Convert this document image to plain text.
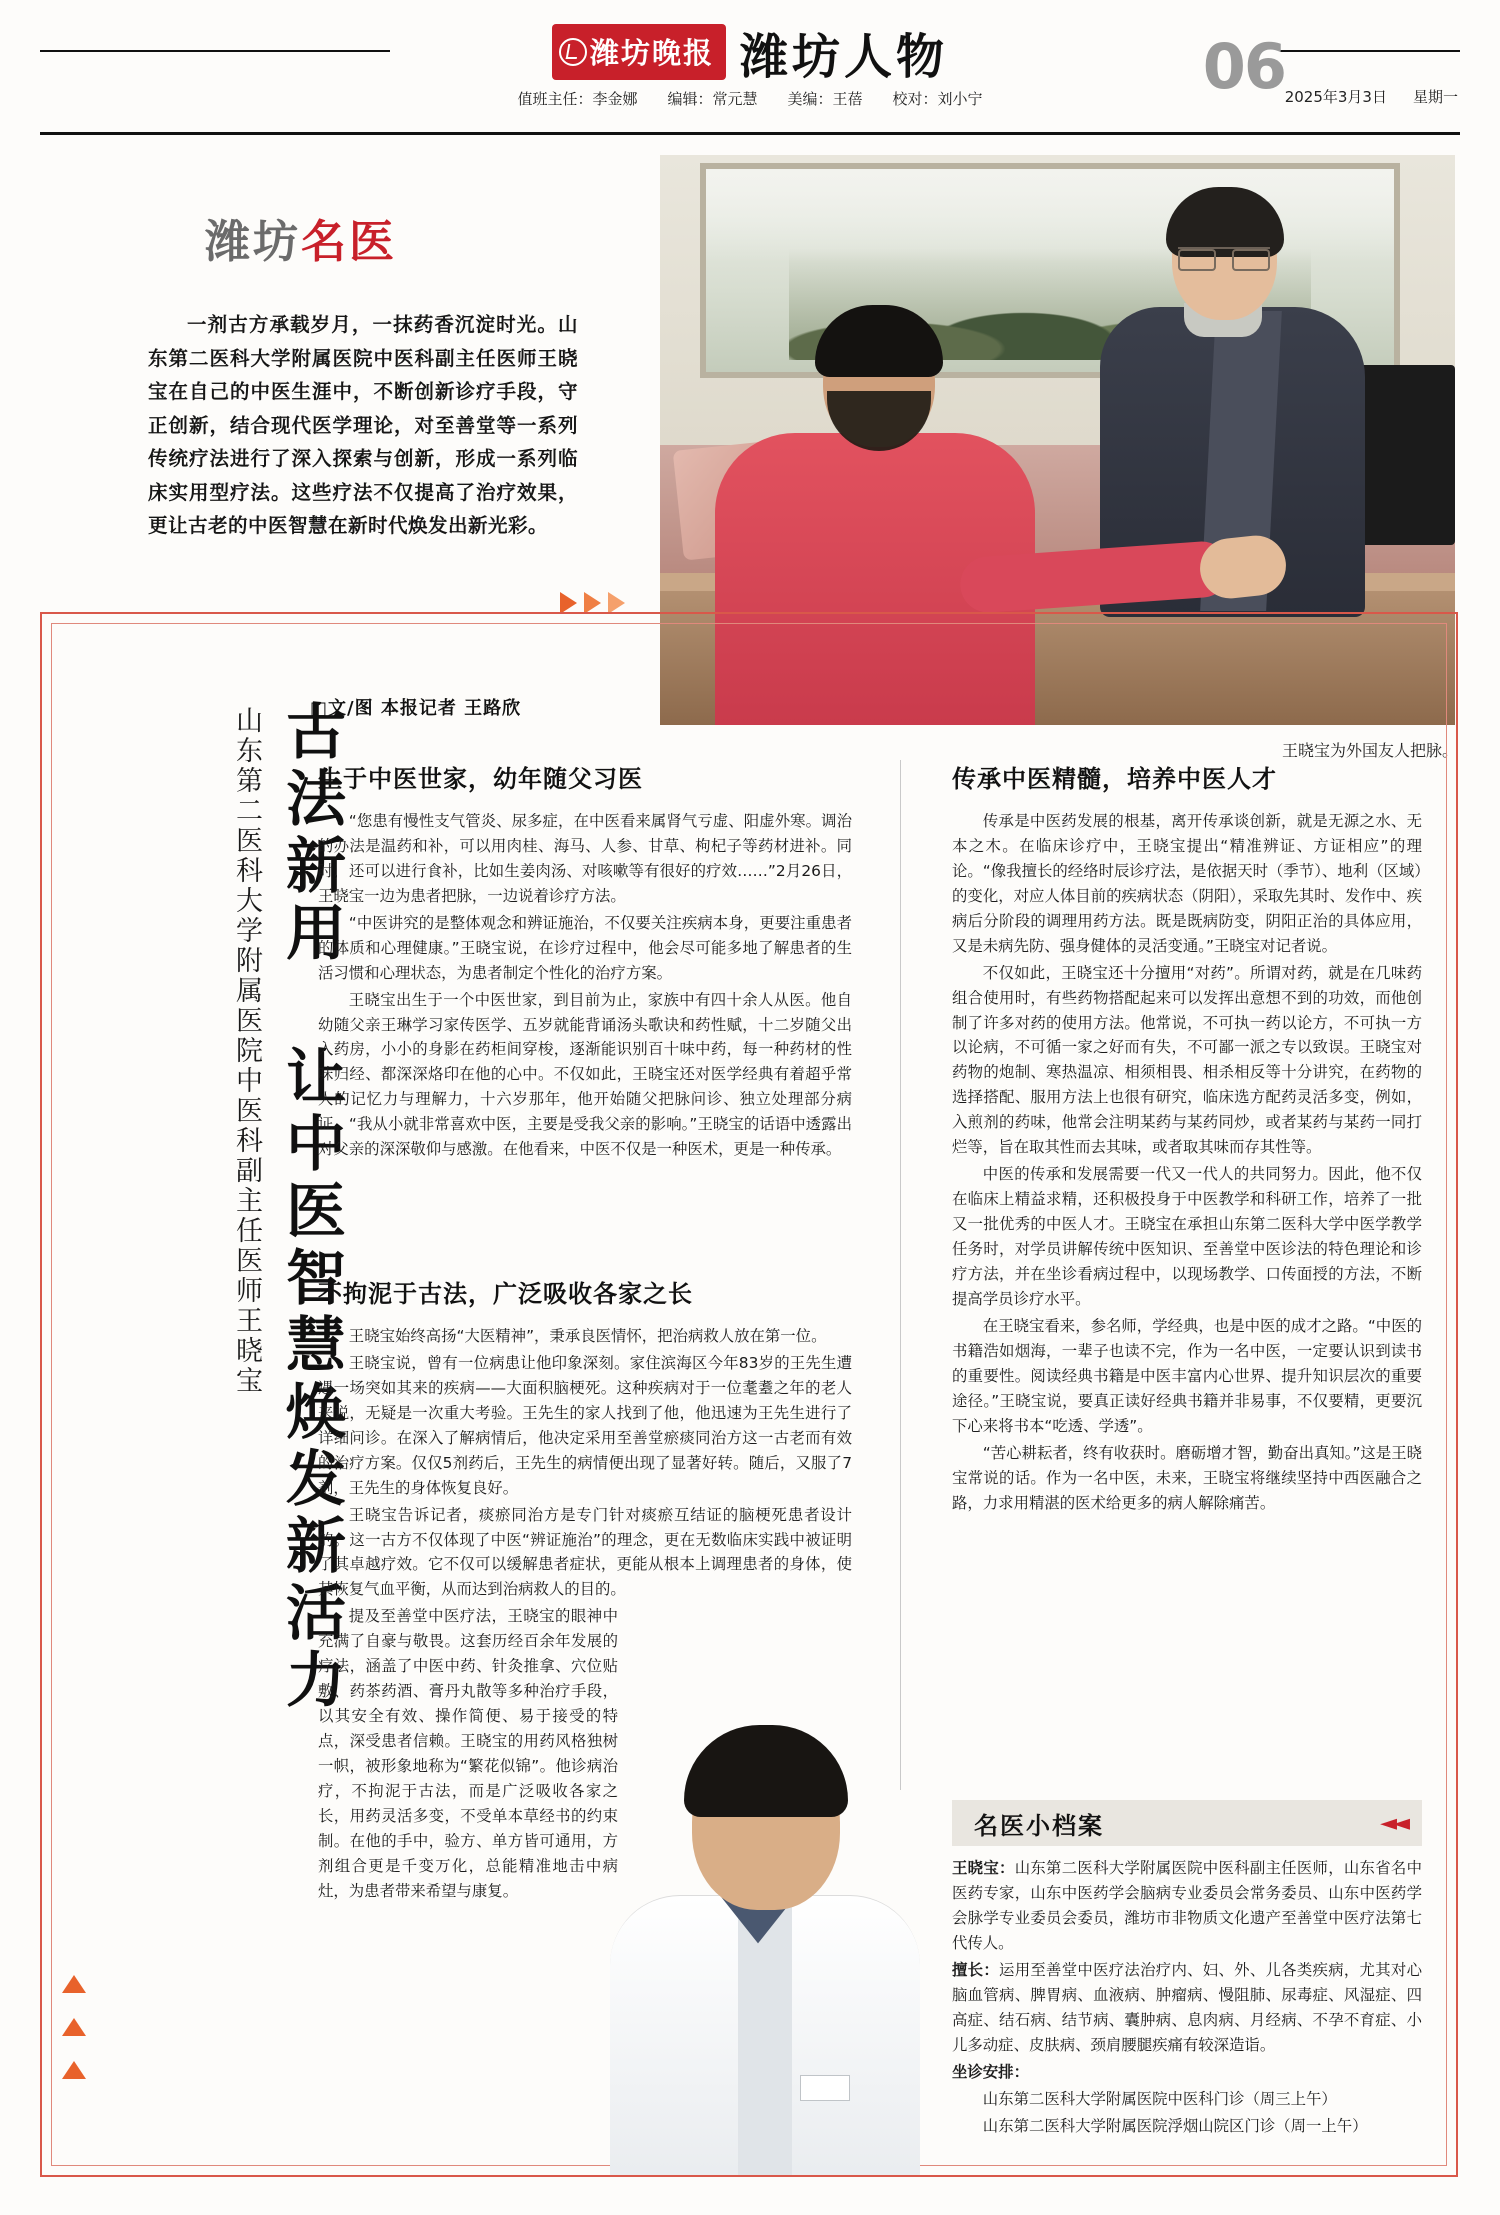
潍坊晚报 潍坊人物	06
值班主任：李金娜 编辑：常元慧 美编：王蓓 校对：刘小宁	2025年3月3日 星期一
潍坊名医
一剂古方承载岁月，一抹药香沉淀时光。山东第二医科大学附属医院中医科副主任医师王晓宝在自己的中医生涯中，不断创新诊疗手段，守正创新，结合现代医学理论，对至善堂等一系列传统疗法进行了深入探索与创新，形成一系列临床实用型疗法。这些疗法不仅提高了治疗效果，更让古老的中医智慧在新时代焕发出新光彩。
王晓宝为外国友人把脉。
古法新用 让中医智慧焕发新活力
山东第二医科大学附属医院中医科副主任医师王晓宝	□文/图 本报记者 王路欣
生于中医世家，幼年随父习医

“您患有慢性支气管炎、尿多症，在中医看来属肾气亏虚、阳虚外寒。调治的办法是温药和补，可以用肉桂、海马、人参、甘草、枸杞子等药材进补。同时，还可以进行食补，比如生姜肉汤、对咳嗽等有很好的疗效……”2月26日，王晓宝一边为患者把脉，一边说着诊疗方法。

“中医讲究的是整体观念和辨证施治，不仅要关注疾病本身，更要注重患者的体质和心理健康。”王晓宝说，在诊疗过程中，他会尽可能多地了解患者的生活习惯和心理状态，为患者制定个性化的治疗方案。

王晓宝出生于一个中医世家，到目前为止，家族中有四十余人从医。他自幼随父亲王琳学习家传医学、五岁就能背诵汤头歌诀和药性赋，十二岁随父出入药房，小小的身影在药柜间穿梭，逐渐能识别百十味中药，每一种药材的性味归经、都深深烙印在他的心中。不仅如此，王晓宝还对医学经典有着超乎常人的记忆力与理解力，十六岁那年，他开始随父把脉问诊、独立处理部分病证。“我从小就非常喜欢中医，主要是受我父亲的影响。”王晓宝的话语中透露出对父亲的深深敬仰与感激。在他看来，中医不仅是一种医术，更是一种传承。

不拘泥于古法，广泛吸收各家之长

王晓宝始终高扬“大医精神”，秉承良医情怀，把治病救人放在第一位。

王晓宝说，曾有一位病患让他印象深刻。家住滨海区今年83岁的王先生遭遇一场突如其来的疾病——大面积脑梗死。这种疾病对于一位耄耋之年的老人来说，无疑是一次重大考验。王先生的家人找到了他，他迅速为王先生进行了详细问诊。在深入了解病情后，他决定采用至善堂瘀痰同治方这一古老而有效的治疗方案。仅仅5剂药后，王先生的病情便出现了显著好转。随后，又服了7剂，王先生的身体恢复良好。

王晓宝告诉记者，痰瘀同治方是专门针对痰瘀互结证的脑梗死患者设计的。这一古方不仅体现了中医“辨证施治”的理念，更在无数临床实践中被证明了其卓越疗效。它不仅可以缓解患者症状，更能从根本上调理患者的身体，使其恢复气血平衡，从而达到治病救人的目的。

提及至善堂中医疗法，王晓宝的眼神中充满了自豪与敬畏。这套历经百余年发展的疗法，涵盖了中医中药、针灸推拿、穴位贴敷、药茶药酒、膏丹丸散等多种治疗手段，以其安全有效、操作简便、易于接受的特点，深受患者信赖。王晓宝的用药风格独树一帜，被形象地称为“繁花似锦”。他诊病治疗，不拘泥于古法，而是广泛吸收各家之长，用药灵活多变，不受单本草经书的约束制。在他的手中，验方、单方皆可通用，方剂组合更是千变万化，总能精准地击中病灶，为患者带来希望与康复。

传承中医精髓，培养中医人才

传承是中医药发展的根基，离开传承谈创新，就是无源之水、无本之木。在临床诊疗中，王晓宝提出“精准辨证、方证相应”的理论。“像我擅长的经络时辰诊疗法，是依据天时（季节）、地利（区域）的变化，对应人体目前的疾病状态（阴阳），采取先其时、发作中、疾病后分阶段的调理用药方法。既是既病防变，阴阳正治的具体应用，又是未病先防、强身健体的灵活变通。”王晓宝对记者说。

不仅如此，王晓宝还十分擅用“对药”。所谓对药，就是在几味药组合使用时，有些药物搭配起来可以发挥出意想不到的功效，而他创制了许多对药的使用方法。他常说，不可执一药以论方，不可执一方以论病，不可循一家之好而有失，不可鄙一派之专以致误。王晓宝对药物的炮制、寒热温凉、相须相畏、相杀相反等十分讲究，在药物的选择搭配、服用方法上也很有研究，临床选方配药灵活多变，例如，入煎剂的药味，他常会注明某药与某药同炒，或者某药与某药一同打烂等，旨在取其性而去其味，或者取其味而存其性等。

中医的传承和发展需要一代又一代人的共同努力。因此，他不仅在临床上精益求精，还积极投身于中医教学和科研工作，培养了一批又一批优秀的中医人才。王晓宝在承担山东第二医科大学中医学教学任务时，对学员讲解传统中医知识、至善堂中医诊法的特色理论和诊疗方法，并在坐诊看病过程中，以现场教学、口传面授的方法，不断提高学员诊疗水平。

在王晓宝看来，参名师，学经典，也是中医的成才之路。“中医的书籍浩如烟海，一辈子也读不完，作为一名中医，一定要认识到读书的重要性。阅读经典书籍是中医丰富内心世界、提升知识层次的重要途径。”王晓宝说，要真正读好经典书籍并非易事，不仅要精，更要沉下心来将书本“吃透、学透”。

“苦心耕耘者，终有收获时。磨砺增才智，勤奋出真知。”这是王晓宝常说的话。作为一名中医，未来，王晓宝将继续坚持中西医融合之路，力求用精湛的医术给更多的病人解除痛苦。

名医小档案	◄◄

王晓宝：山东第二医科大学附属医院中医科副主任医师，山东省名中医药专家，山东中医药学会脑病专业委员会常务委员、山东中医药学会脉学专业委员会委员，潍坊市非物质文化遗产至善堂中医疗法第七代传人。

擅长：运用至善堂中医疗法治疗内、妇、外、儿各类疾病，尤其对心脑血管病、脾胃病、血液病、肿瘤病、慢阻肺、尿毒症、风湿症、四高症、结石病、结节病、囊肿病、息肉病、月经病、不孕不育症、小儿多动症、皮肤病、颈肩腰腿疾痛有较深造诣。

坐诊安排：

山东第二医科大学附属医院中医科门诊（周三上午）

山东第二医科大学附属医院浮烟山院区门诊（周一上午）
